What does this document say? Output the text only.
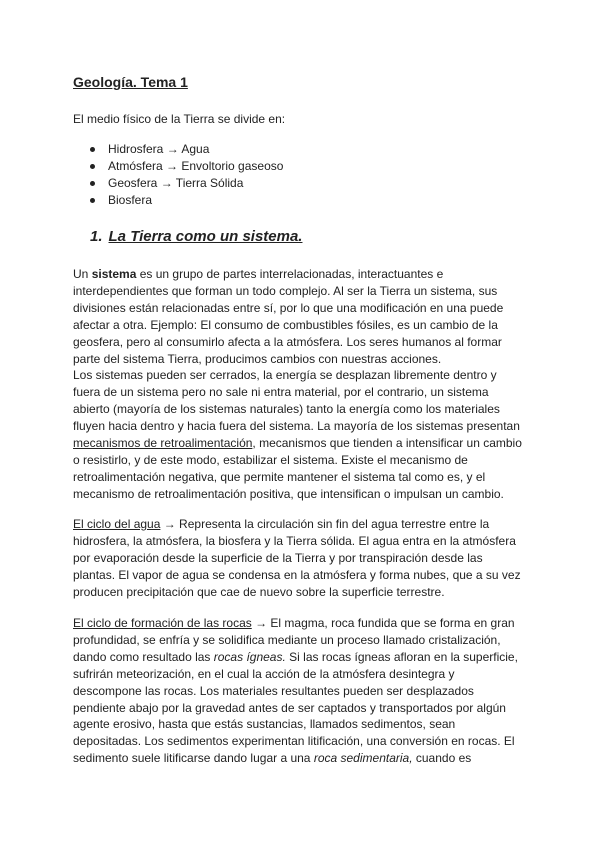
Geología. Tema 1

El medio físico de la Tierra se divide en:

Hidrosfera → Agua
Atmósfera → Envoltorio gaseoso
Geosfera → Tierra Sólida
Biosfera
1. La Tierra como un sistema.

Un sistema es un grupo de partes interrelacionadas, interactuantes e
interdependientes que forman un todo complejo. Al ser la Tierra un sistema, sus
divisiones están relacionadas entre sí, por lo que una modificación en una puede
afectar a otra. Ejemplo: El consumo de combustibles fósiles, es un cambio de la
geosfera, pero al consumirlo afecta a la atmósfera. Los seres humanos al formar
parte del sistema Tierra, producimos cambios con nuestras acciones.
Los sistemas pueden ser cerrados, la energía se desplazan libremente dentro y
fuera de un sistema pero no sale ni entra material, por el contrario, un sistema
abierto (mayoría de los sistemas naturales) tanto la energía como los materiales
fluyen hacia dentro y hacia fuera del sistema. La mayoría de los sistemas presentan
mecanismos de retroalimentación, mecanismos que tienden a intensificar un cambio
o resistirlo, y de este modo, estabilizar el sistema. Existe el mecanismo de
retroalimentación negativa, que permite mantener el sistema tal como es, y el
mecanismo de retroalimentación positiva, que intensifican o impulsan un cambio.

El ciclo del agua → Representa la circulación sin fin del agua terrestre entre la
hidrosfera, la atmósfera, la biosfera y la Tierra sólida. El agua entra en la atmósfera
por evaporación desde la superficie de la Tierra y por transpiración desde las
plantas. El vapor de agua se condensa en la atmósfera y forma nubes, que a su vez
producen precipitación que cae de nuevo sobre la superficie terrestre.

El ciclo de formación de las rocas → El magma, roca fundida que se forma en gran
profundidad, se enfría y se solidifica mediante un proceso llamado cristalización,
dando como resultado las rocas ígneas. Si las rocas ígneas afloran en la superficie,
sufrirán meteorización, en el cual la acción de la atmósfera desintegra y
descompone las rocas. Los materiales resultantes pueden ser desplazados
pendiente abajo por la gravedad antes de ser captados y transportados por algún
agente erosivo, hasta que estás sustancias, llamados sedimentos, sean
depositadas. Los sedimentos experimentan litificación, una conversión en rocas. El
sedimento suele litificarse dando lugar a una roca sedimentaria, cuando es
